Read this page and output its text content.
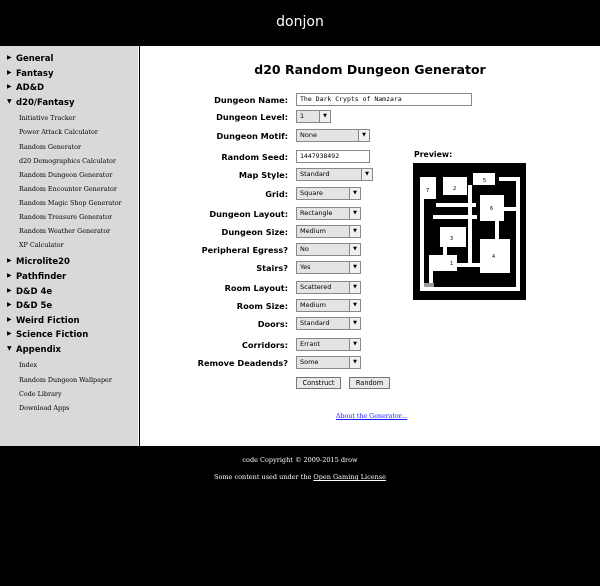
donjon
▶ General
▶ Fantasy
▶ AD&D
▼ d20/Fantasy
Initiative Tracker
Power Attack Calculator
Random Generator
d20 Demographics Calculator
Random Dungeon Generator
Random Encounter Generator
Random Magic Shop Generator
Random Treasure Generator
Random Weather Generator
XP Calculator
▶ Microlite20
▶ Pathfinder
▶ D&D 4e
▶ D&D 5e
▶ Weird Fiction
▶ Science Fiction
▼ Appendix
Index
Random Dungeon Wallpaper
Code Library
Download Apps
d20 Random Dungeon Generator
Dungeon Name:	The Dark Crypts of Namzara
Dungeon Level:	1	▼
Dungeon Motif:	None	▼
Random Seed:	1447938492
Map Style:	Standard	▼
Grid:	Square	▼
Dungeon Layout:	Rectangle	▼
Dungeon Size:	Medium	▼
Peripheral Egress?	No	▼
Stairs?	Yes	▼
Room Layout:	Scattered	▼
Room Size:	Medium	▼
Doors:	Standard	▼
Corridors:	Errant	▼
Remove Deadends?	Some	▼
Construct	Random
Preview:
7	2
5
6
3
4
1
About the Generator...
code Copyright © 2009-2015 drow
Some content used under the Open Gaming License
